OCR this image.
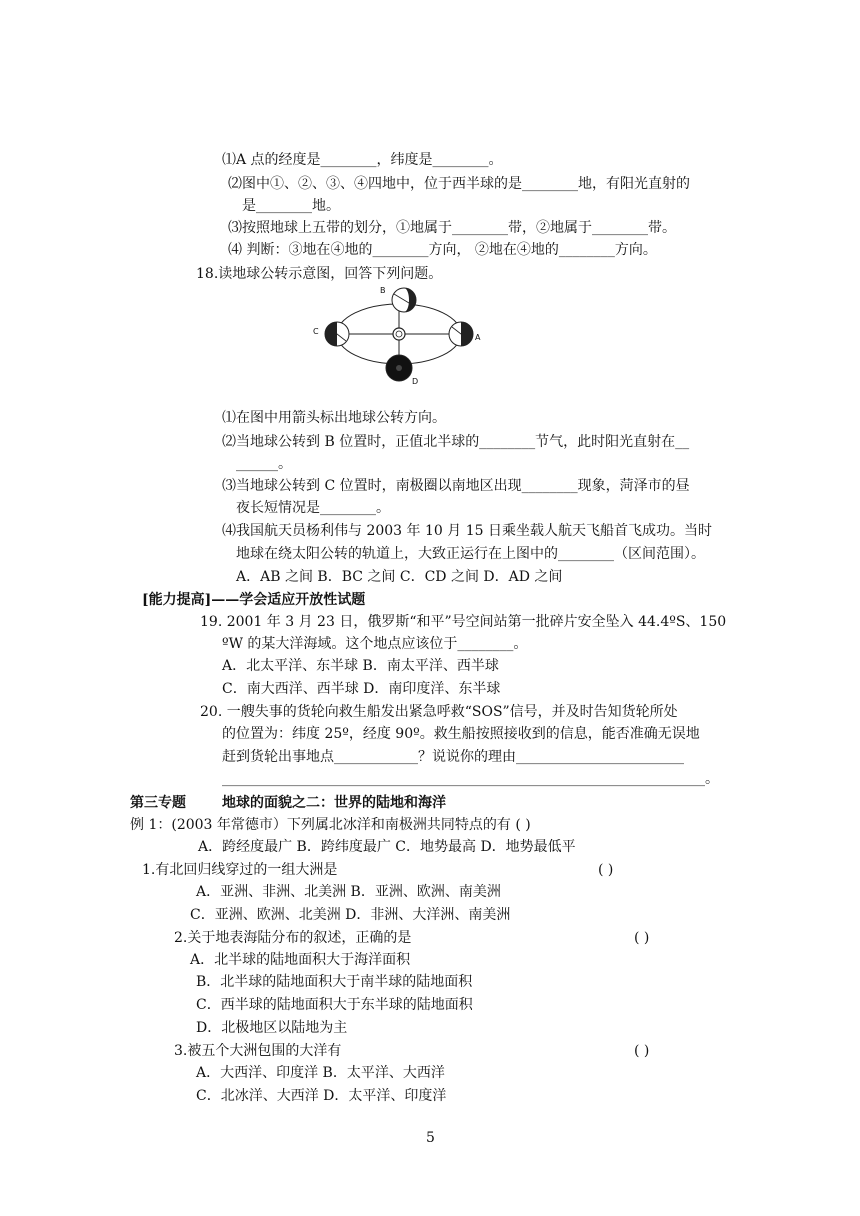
⑴A 点的经度是________，纬度是________。
⑵图中①、②、③、④四地中，位于西半球的是________地，有阳光直射的
是________地。
⑶按照地球上五带的划分，①地属于________带，②地属于________带。
⑷ 判断：③地在④地的________方向， ②地在④地的________方向。
18.读地球公转示意图，回答下列问题。
B
C
A
D
⑴在图中用箭头标出地球公转方向。
⑵当地球公转到 B 位置时，正值北半球的________节气，此时阳光直射在__
______。
⑶当地球公转到 C 位置时，南极圈以南地区出现________现象，菏泽市的昼
夜长短情况是________。
⑷我国航天员杨利伟与 2003 年 10 月 15 日乘坐载人航天飞船首飞成功。当时
地球在绕太阳公转的轨道上，大致正运行在上图中的________（区间范围）。
A．AB 之间 B．BC 之间 C．CD 之间 D．AD 之间
[能力提高]——学会适应开放性试题
19. 2001 年 3 月 23 日，俄罗斯“和平”号空间站第一批碎片安全坠入 44.4ºS、150
ºW 的某大洋海域。这个地点应该位于________。
A．北太平洋、东半球 B．南太平洋、西半球
C．南大西洋、西半球 D．南印度洋、东半球
20. 一艘失事的货轮向救生船发出紧急呼救“SOS”信号，并及时告知货轮所处
的位置为：纬度 25º，经度 90º。救生船按照接收到的信息，能否准确无误地
赶到货轮出事地点____________？说说你的理由________________________
_____________________________________________________________________。
第三专题	地球的面貌之二：世界的陆地和海洋
例 1：(2003 年常德市）下列属北冰洋和南极洲共同特点的有 ( )
A．跨经度最广 B．跨纬度最广 C．地势最高 D．地势最低平
1.有北回归线穿过的一组大洲是	( )
A．亚洲、非洲、北美洲 B．亚洲、欧洲、南美洲
C．亚洲、欧洲、北美洲 D．非洲、大洋洲、南美洲
2.关于地表海陆分布的叙述，正确的是	( )
A．北半球的陆地面积大于海洋面积
B．北半球的陆地面积大于南半球的陆地面积
C．西半球的陆地面积大于东半球的陆地面积
D．北极地区以陆地为主
3.被五个大洲包围的大洋有	( )
A．大西洋、印度洋 B．太平洋、大西洋
C．北冰洋、大西洋 D．太平洋、印度洋
5
